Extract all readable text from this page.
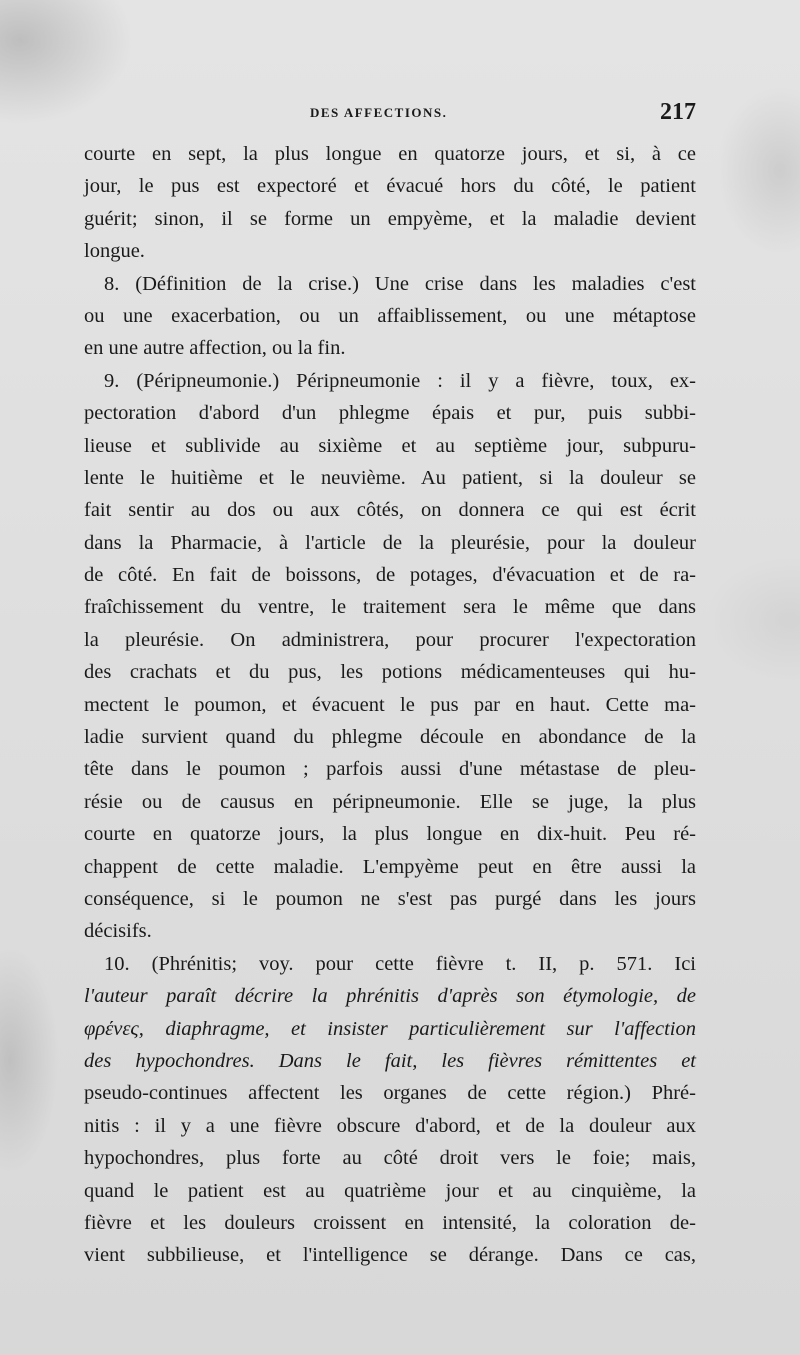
DES AFFECTIONS.	217
courte en sept, la plus longue en quatorze jours, et si, à ce
jour, le pus est expectoré et évacué hors du côté, le patient
guérit; sinon, il se forme un empyème, et la maladie devient
longue.
8. (Définition de la crise.) Une crise dans les maladies c'est
ou une exacerbation, ou un affaiblissement, ou une métaptose
en une autre affection, ou la fin.
9. (Péripneumonie.) Péripneumonie : il y a fièvre, toux, ex-
pectoration d'abord d'un phlegme épais et pur, puis subbi-
lieuse et sublivide au sixième et au septième jour, subpuru-
lente le huitième et le neuvième. Au patient, si la douleur se
fait sentir au dos ou aux côtés, on donnera ce qui est écrit
dans la Pharmacie, à l'article de la pleurésie, pour la douleur
de côté. En fait de boissons, de potages, d'évacuation et de ra-
fraîchissement du ventre, le traitement sera le même que dans
la pleurésie. On administrera, pour procurer l'expectoration
des crachats et du pus, les potions médicamenteuses qui hu-
mectent le poumon, et évacuent le pus par en haut. Cette ma-
ladie survient quand du phlegme découle en abondance de la
tête dans le poumon ; parfois aussi d'une métastase de pleu-
résie ou de causus en péripneumonie. Elle se juge, la plus
courte en quatorze jours, la plus longue en dix-huit. Peu ré-
chappent de cette maladie. L'empyème peut en être aussi la
conséquence, si le poumon ne s'est pas purgé dans les jours
décisifs.
10. (Phrénitis; voy. pour cette fièvre t. II, p. 571. Ici
l'auteur paraît décrire la phrénitis d'après son étymologie, de
φρένες, diaphragme, et insister particulièrement sur l'affection
des hypochondres. Dans le fait, les fièvres rémittentes et
pseudo-continues affectent les organes de cette région.) Phré-
nitis : il y a une fièvre obscure d'abord, et de la douleur aux
hypochondres, plus forte au côté droit vers le foie; mais,
quand le patient est au quatrième jour et au cinquième, la
fièvre et les douleurs croissent en intensité, la coloration de-
vient subbilieuse, et l'intelligence se dérange. Dans ce cas,
